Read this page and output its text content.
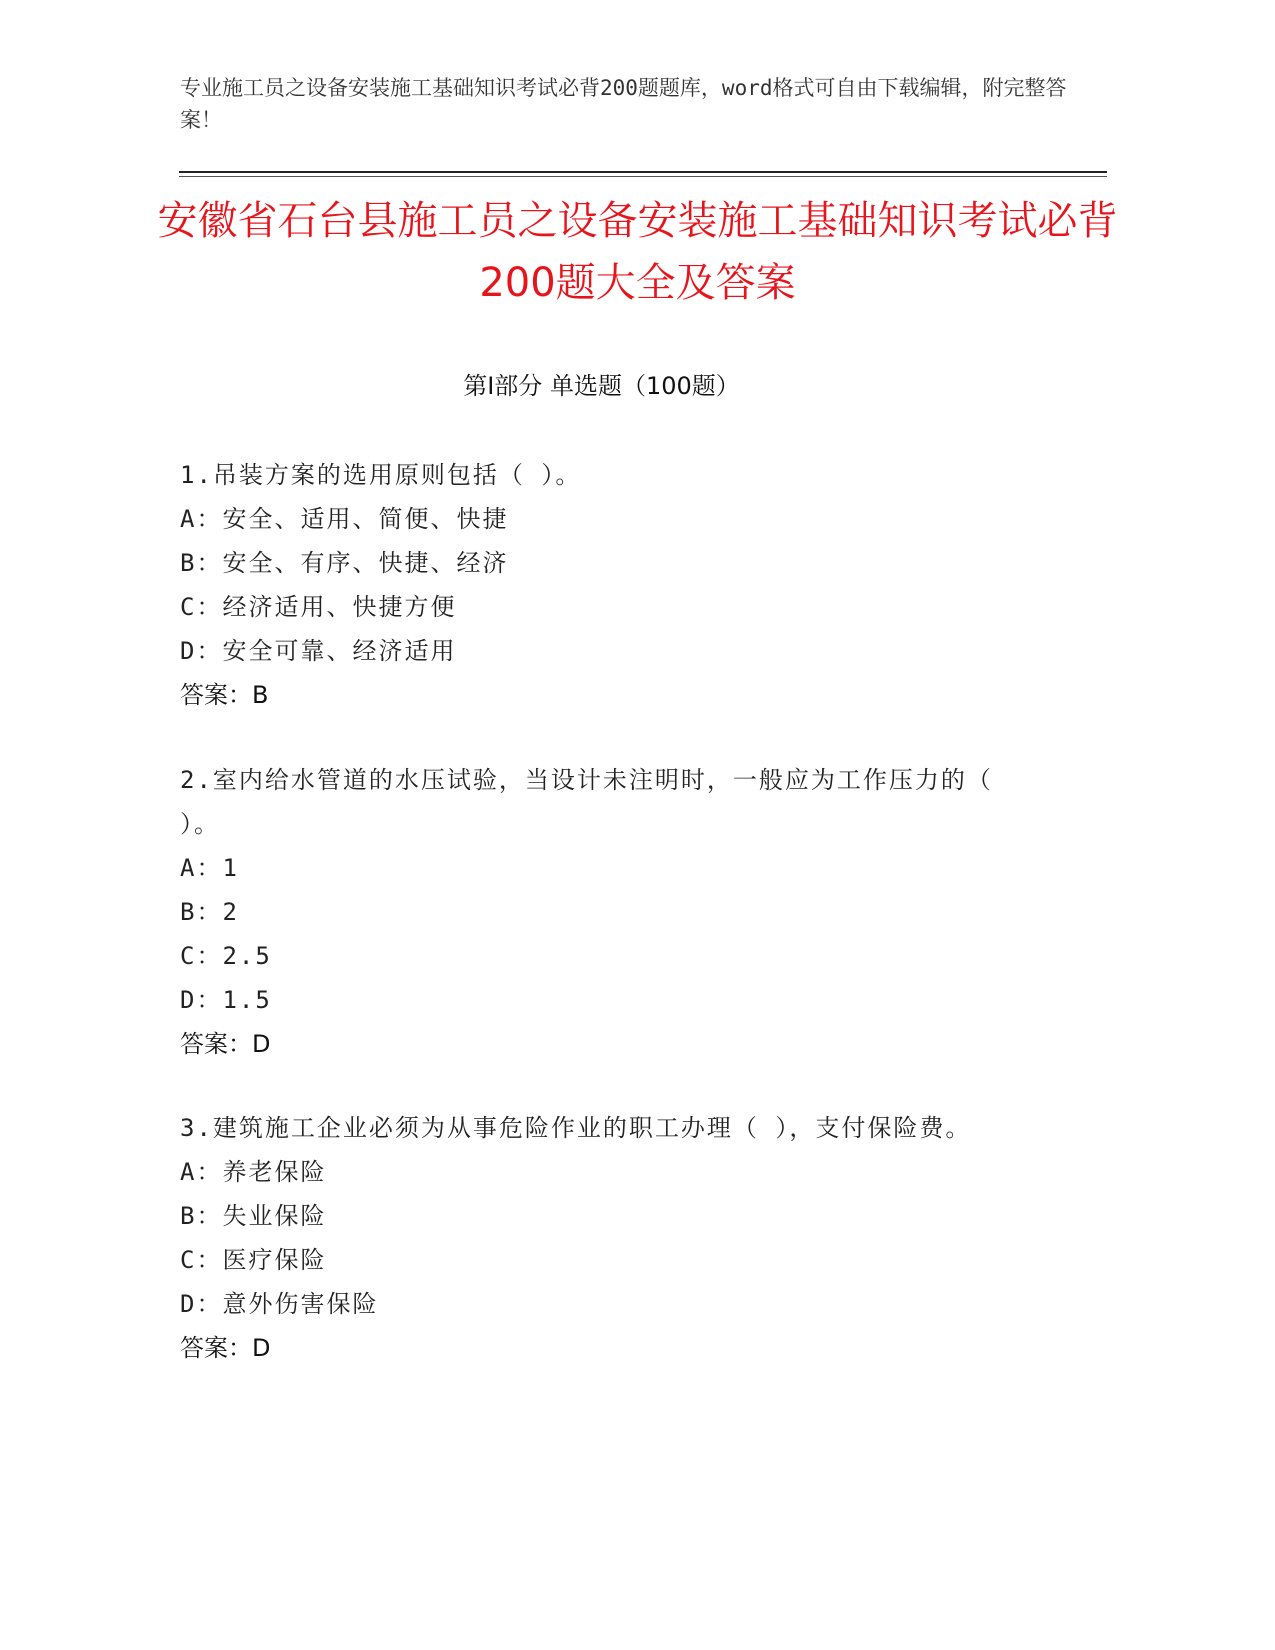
专业施工员之设备安装施工基础知识考试必背200题题库，word格式可自由下载编辑，附完整答案！
安徽省石台县施工员之设备安装施工基础知识考试必背200题大全及答案
第I部分 单选题（100题）
1.吊装方案的选用原则包括（ ）。
A：安全、适用、简便、快捷
B：安全、有序、快捷、经济
C：经济适用、快捷方便
D：安全可靠、经济适用
答案：B
2.室内给水管道的水压试验，当设计未注明时，一般应为工作压力的（ ）。
A：1
B：2
C：2.5
D：1.5
答案：D
3.建筑施工企业必须为从事危险作业的职工办理（ ），支付保险费。
A：养老保险
B：失业保险
C：医疗保险
D：意外伤害保险
答案：D
